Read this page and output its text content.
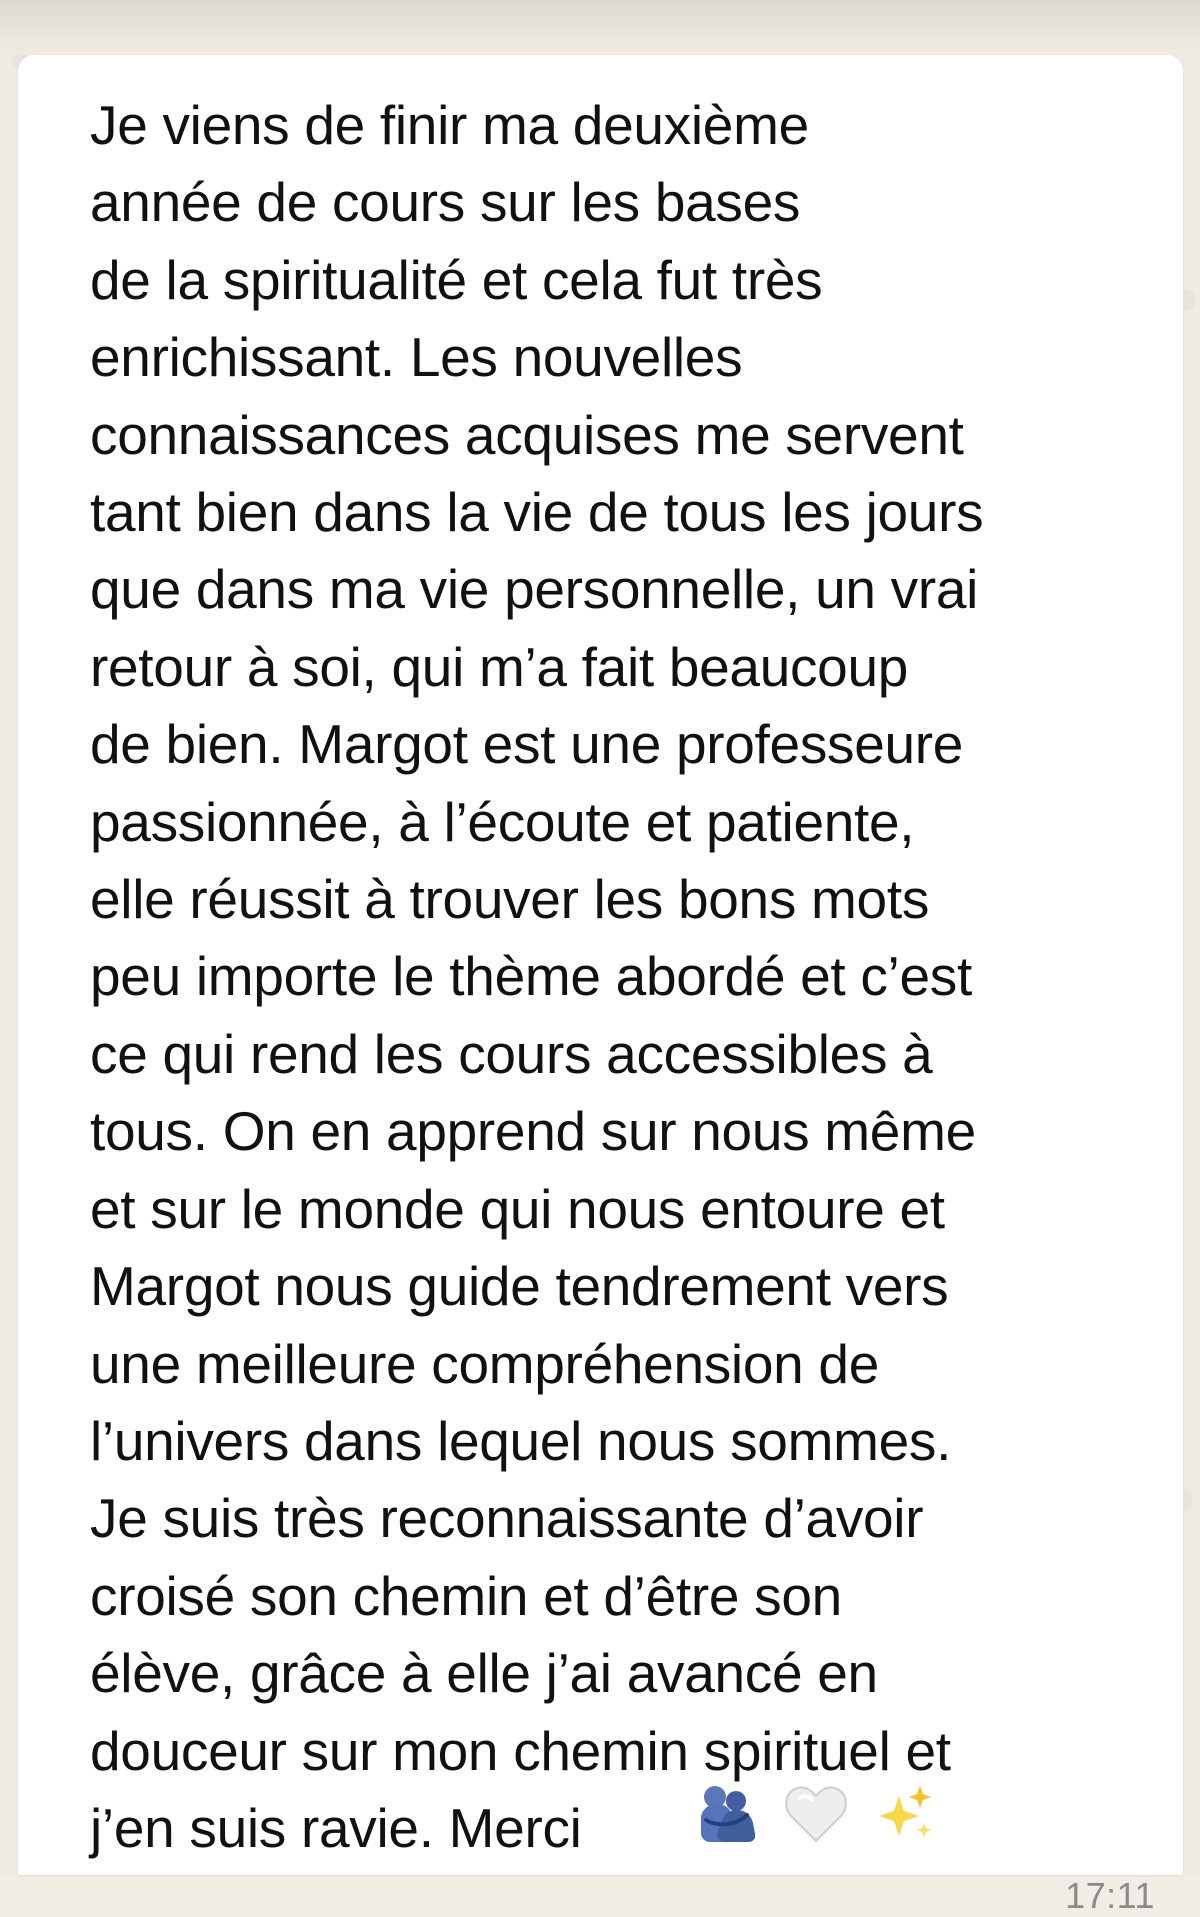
Je viens de finir ma deuxième
année de cours sur les bases
de la spiritualité et cela fut très
enrichissant. Les nouvelles
connaissances acquises me servent
tant bien dans la vie de tous les jours
que dans ma vie personnelle, un vrai
retour à soi, qui m’a fait beaucoup
de bien. Margot est une professeure
passionnée, à l’écoute et patiente,
elle réussit à trouver les bons mots
peu importe le thème abordé et c’est
ce qui rend les cours accessibles à
tous. On en apprend sur nous même
et sur le monde qui nous entoure et
Margot nous guide tendrement vers
une meilleure compréhension de
l’univers dans lequel nous sommes.
Je suis très reconnaissante d’avoir
croisé son chemin et d’être son
élève, grâce à elle j’ai avancé en
douceur sur mon chemin spirituel et
j’en suis ravie. Merci

17:11
